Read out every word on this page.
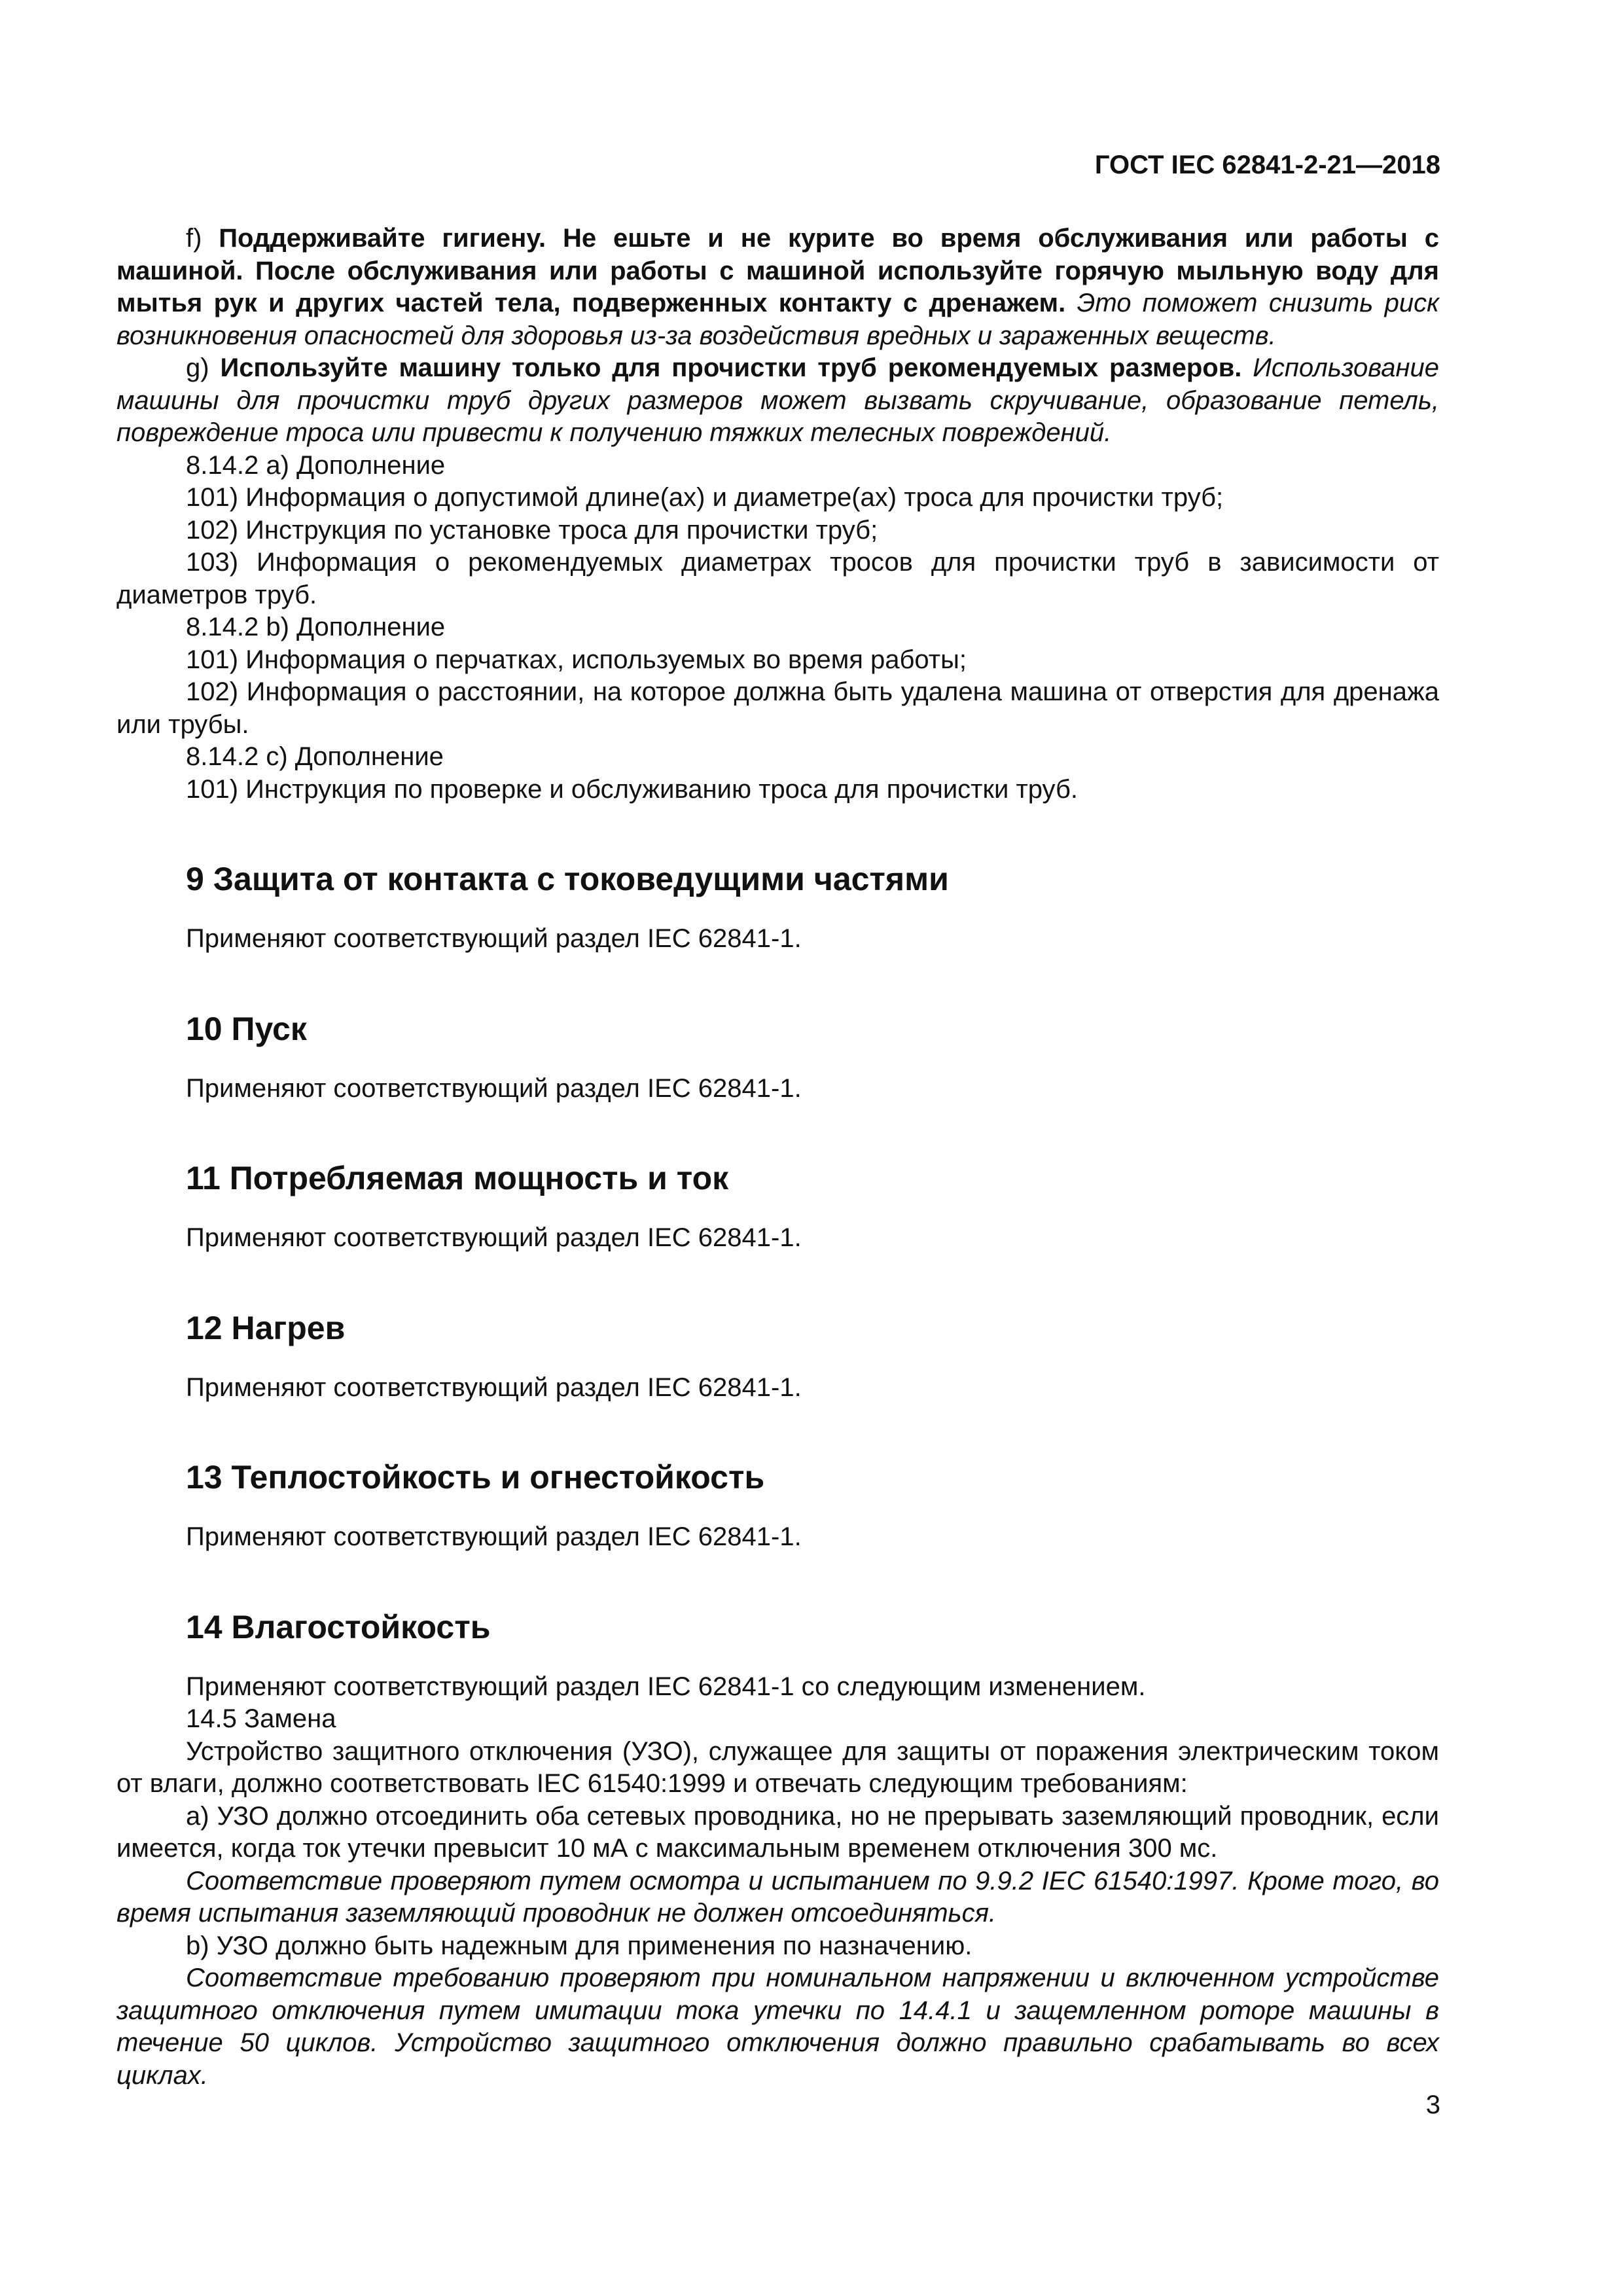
ГОСТ IEC 62841-2-21—2018

f) Поддерживайте гигиену. Не ешьте и не курите во время обслуживания или работы с машиной. После обслуживания или работы с машиной используйте горячую мыльную воду для мытья рук и других частей тела, подверженных контакту с дренажем. Это поможет снизить риск возникновения опасностей для здоровья из-за воздействия вредных и зараженных веществ.

g) Используйте машину только для прочистки труб рекомендуемых размеров. Использование машины для прочистки труб других размеров может вызвать скручивание, образование петель, повреждение троса или привести к получению тяжких телесных повреждений.

8.14.2 a) Дополнение

101) Информация о допустимой длине(ах) и диаметре(ах) троса для прочистки труб;

102) Инструкция по установке троса для прочистки труб;

103) Информация о рекомендуемых диаметрах тросов для прочистки труб в зависимости от диаметров труб.

8.14.2 b) Дополнение

101) Информация о перчатках, используемых во время работы;

102) Информация о расстоянии, на которое должна быть удалена машина от отверстия для дренажа или трубы.

8.14.2 c) Дополнение

101) Инструкция по проверке и обслуживанию троса для прочистки труб.

9 Защита от контакта с токоведущими частями

Применяют соответствующий раздел IEC 62841-1.

10 Пуск

Применяют соответствующий раздел IEC 62841-1.

11 Потребляемая мощность и ток

Применяют соответствующий раздел IEC 62841-1.

12 Нагрев

Применяют соответствующий раздел IEC 62841-1.

13 Теплостойкость и огнестойкость

Применяют соответствующий раздел IEC 62841-1.

14 Влагостойкость

Применяют соответствующий раздел IEC 62841-1 со следующим изменением.

14.5 Замена

Устройство защитного отключения (УЗО), служащее для защиты от поражения электрическим током от влаги, должно соответствовать IEC 61540:1999 и отвечать следующим требованиям:

a) УЗО должно отсоединить оба сетевых проводника, но не прерывать заземляющий проводник, если имеется, когда ток утечки превысит 10 мА с максимальным временем отключения 300 мс.

Соответствие проверяют путем осмотра и испытанием по 9.9.2 IEC 61540:1997. Кроме того, во время испытания заземляющий проводник не должен отсоединяться.

b) УЗО должно быть надежным для применения по назначению.

Соответствие требованию проверяют при номинальном напряжении и включенном устройстве защитного отключения путем имитации тока утечки по 14.4.1 и защемленном роторе машины в течение 50 циклов. Устройство защитного отключения должно правильно срабатывать во всех циклах.

3
